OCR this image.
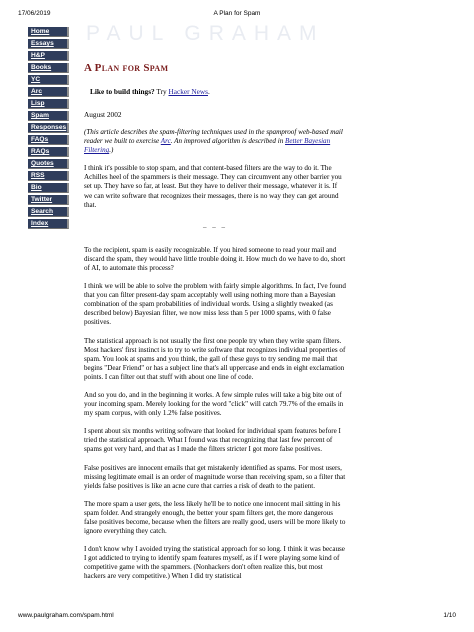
17/06/2019	A Plan for Spam
PAUL GRAHAM
Home
Essays
H&P
Books
YC
Arc
Lisp
Spam
Responses
FAQs
RAQs
Quotes
RSS
Bio
Twitter
Search
Index
A Plan for Spam
Like to build things? Try Hacker News.
August 2002

(This article describes the spam-filtering techniques used in the spamproof web-based mail reader we built to exercise Arc. An improved algorithm is described in Better Bayesian Filtering.)

I think it's possible to stop spam, and that content-based filters are the way to do it. The Achilles heel of the spammers is their message. They can circumvent any other barrier you set up. They have so far, at least. But they have to deliver their message, whatever it is. If we can write software that recognizes their messages, there is no way they can get around that.

_ _ _

To the recipient, spam is easily recognizable. If you hired someone to read your mail and discard the spam, they would have little trouble doing it. How much do we have to do, short of AI, to automate this process?

I think we will be able to solve the problem with fairly simple algorithms. In fact, I've found that you can filter present-day spam acceptably well using nothing more than a Bayesian combination of the spam probabilities of individual words. Using a slightly tweaked (as described below) Bayesian filter, we now miss less than 5 per 1000 spams, with 0 false positives.

The statistical approach is not usually the first one people try when they write spam filters. Most hackers' first instinct is to try to write software that recognizes individual properties of spam. You look at spams and you think, the gall of these guys to try sending me mail that begins "Dear Friend" or has a subject line that's all uppercase and ends in eight exclamation points. I can filter out that stuff with about one line of code.

And so you do, and in the beginning it works. A few simple rules will take a big bite out of your incoming spam. Merely looking for the word "click" will catch 79.7% of the emails in my spam corpus, with only 1.2% false positives.

I spent about six months writing software that looked for individual spam features before I tried the statistical approach. What I found was that recognizing that last few percent of spams got very hard, and that as I made the filters stricter I got more false positives.

False positives are innocent emails that get mistakenly identified as spams. For most users, missing legitimate email is an order of magnitude worse than receiving spam, so a filter that yields false positives is like an acne cure that carries a risk of death to the patient.

The more spam a user gets, the less likely he'll be to notice one innocent mail sitting in his spam folder. And strangely enough, the better your spam filters get, the more dangerous false positives become, because when the filters are really good, users will be more likely to ignore everything they catch.

I don't know why I avoided trying the statistical approach for so long. I think it was because I got addicted to trying to identify spam features myself, as if I were playing some kind of competitive game with the spammers. (Nonhackers don't often realize this, but most hackers are very competitive.) When I did try statistical

www.paulgraham.com/spam.html	1/10
